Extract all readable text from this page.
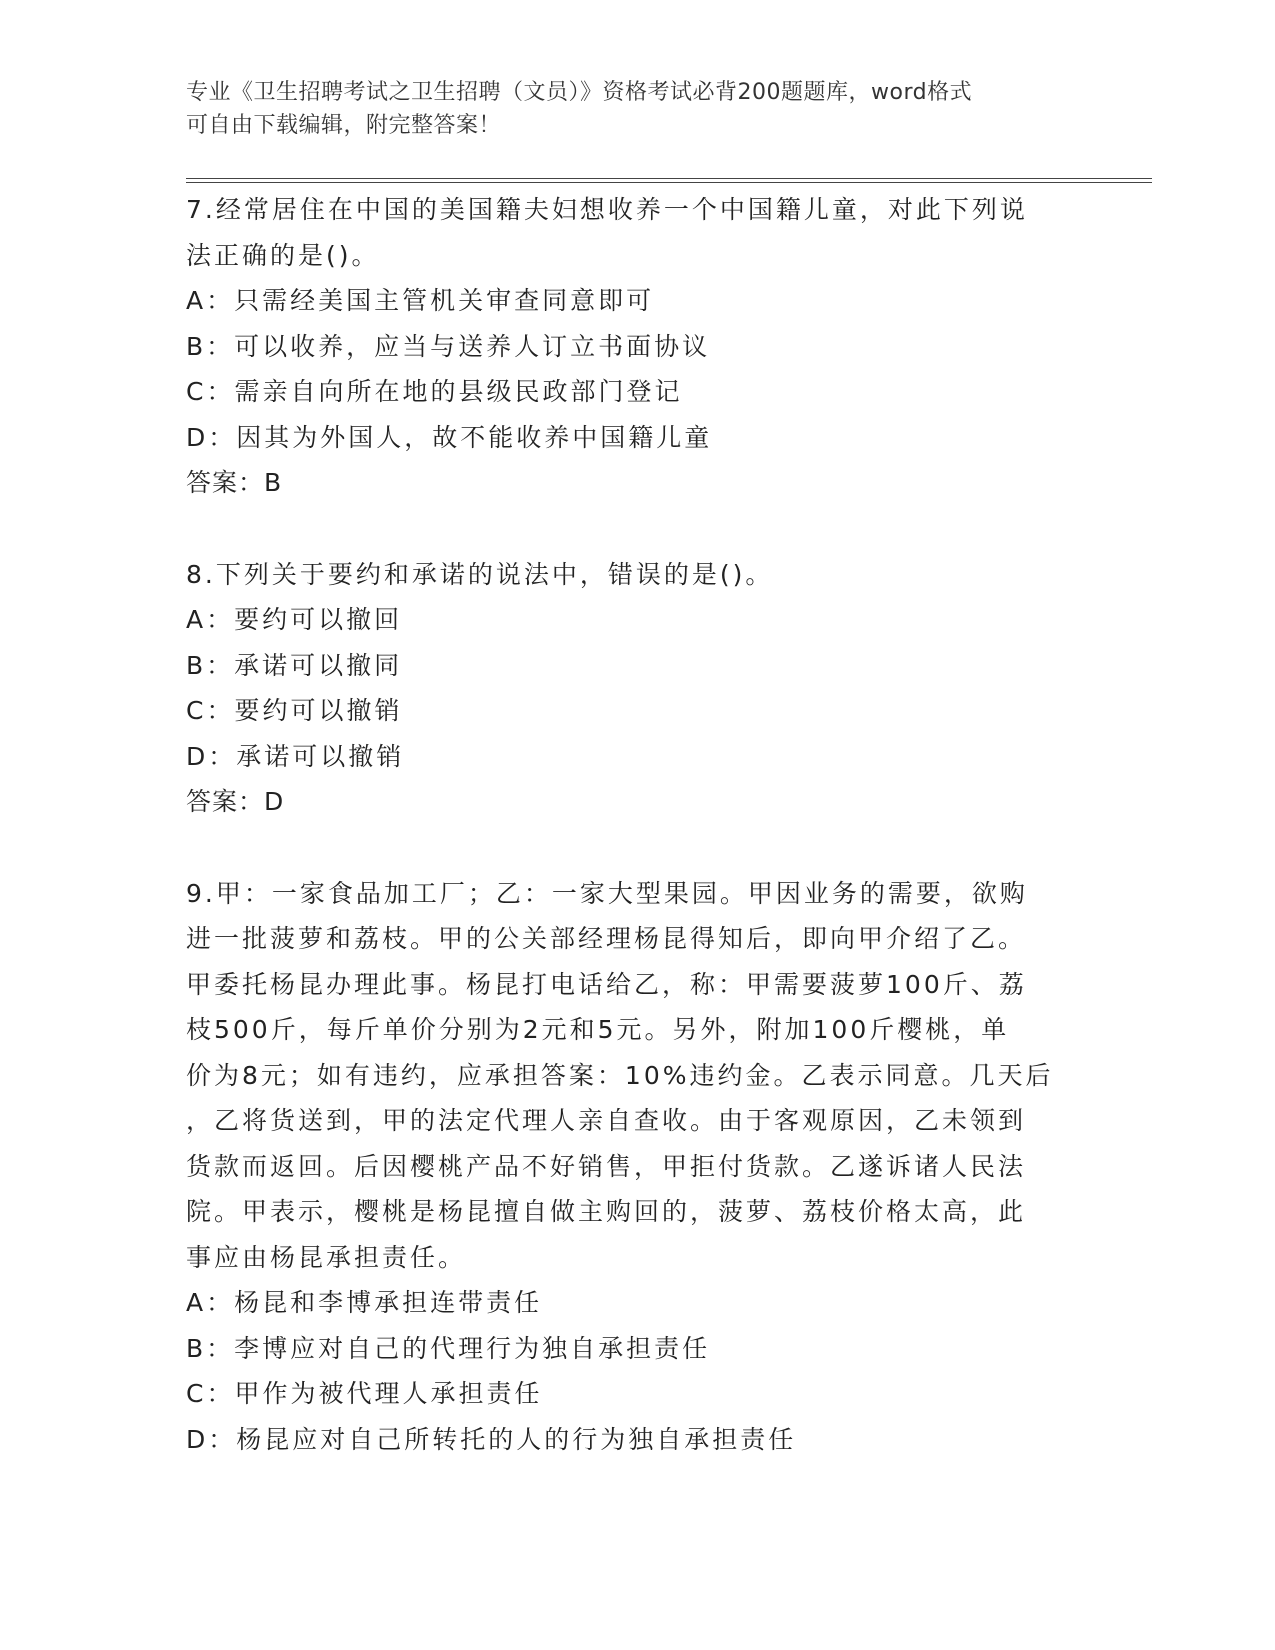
专业《卫生招聘考试之卫生招聘（文员）》资格考试必背200题题库，word格式
可自由下载编辑，附完整答案！
7.经常居住在中国的美国籍夫妇想收养一个中国籍儿童，对此下列说
法正确的是()。
A：只需经美国主管机关审查同意即可
B：可以收养，应当与送养人订立书面协议
C：需亲自向所在地的县级民政部门登记
D：因其为外国人，故不能收养中国籍儿童
答案：B
8.下列关于要约和承诺的说法中，错误的是()。
A：要约可以撤回
B：承诺可以撤同
C：要约可以撤销
D：承诺可以撤销
答案：D
9.甲：一家食品加工厂；乙：一家大型果园。甲因业务的需要，欲购
进一批菠萝和荔枝。甲的公关部经理杨昆得知后，即向甲介绍了乙。
甲委托杨昆办理此事。杨昆打电话给乙，称：甲需要菠萝100斤、荔
枝500斤，每斤单价分别为2元和5元。另外，附加100斤樱桃，单
价为8元；如有违约，应承担答案：10%违约金。乙表示同意。几天后
，乙将货送到，甲的法定代理人亲自查收。由于客观原因，乙未领到
货款而返回。后因樱桃产品不好销售，甲拒付货款。乙遂诉诸人民法
院。甲表示，樱桃是杨昆擅自做主购回的，菠萝、荔枝价格太高，此
事应由杨昆承担责任。
A：杨昆和李博承担连带责任
B：李博应对自己的代理行为独自承担责任
C：甲作为被代理人承担责任
D：杨昆应对自己所转托的人的行为独自承担责任
